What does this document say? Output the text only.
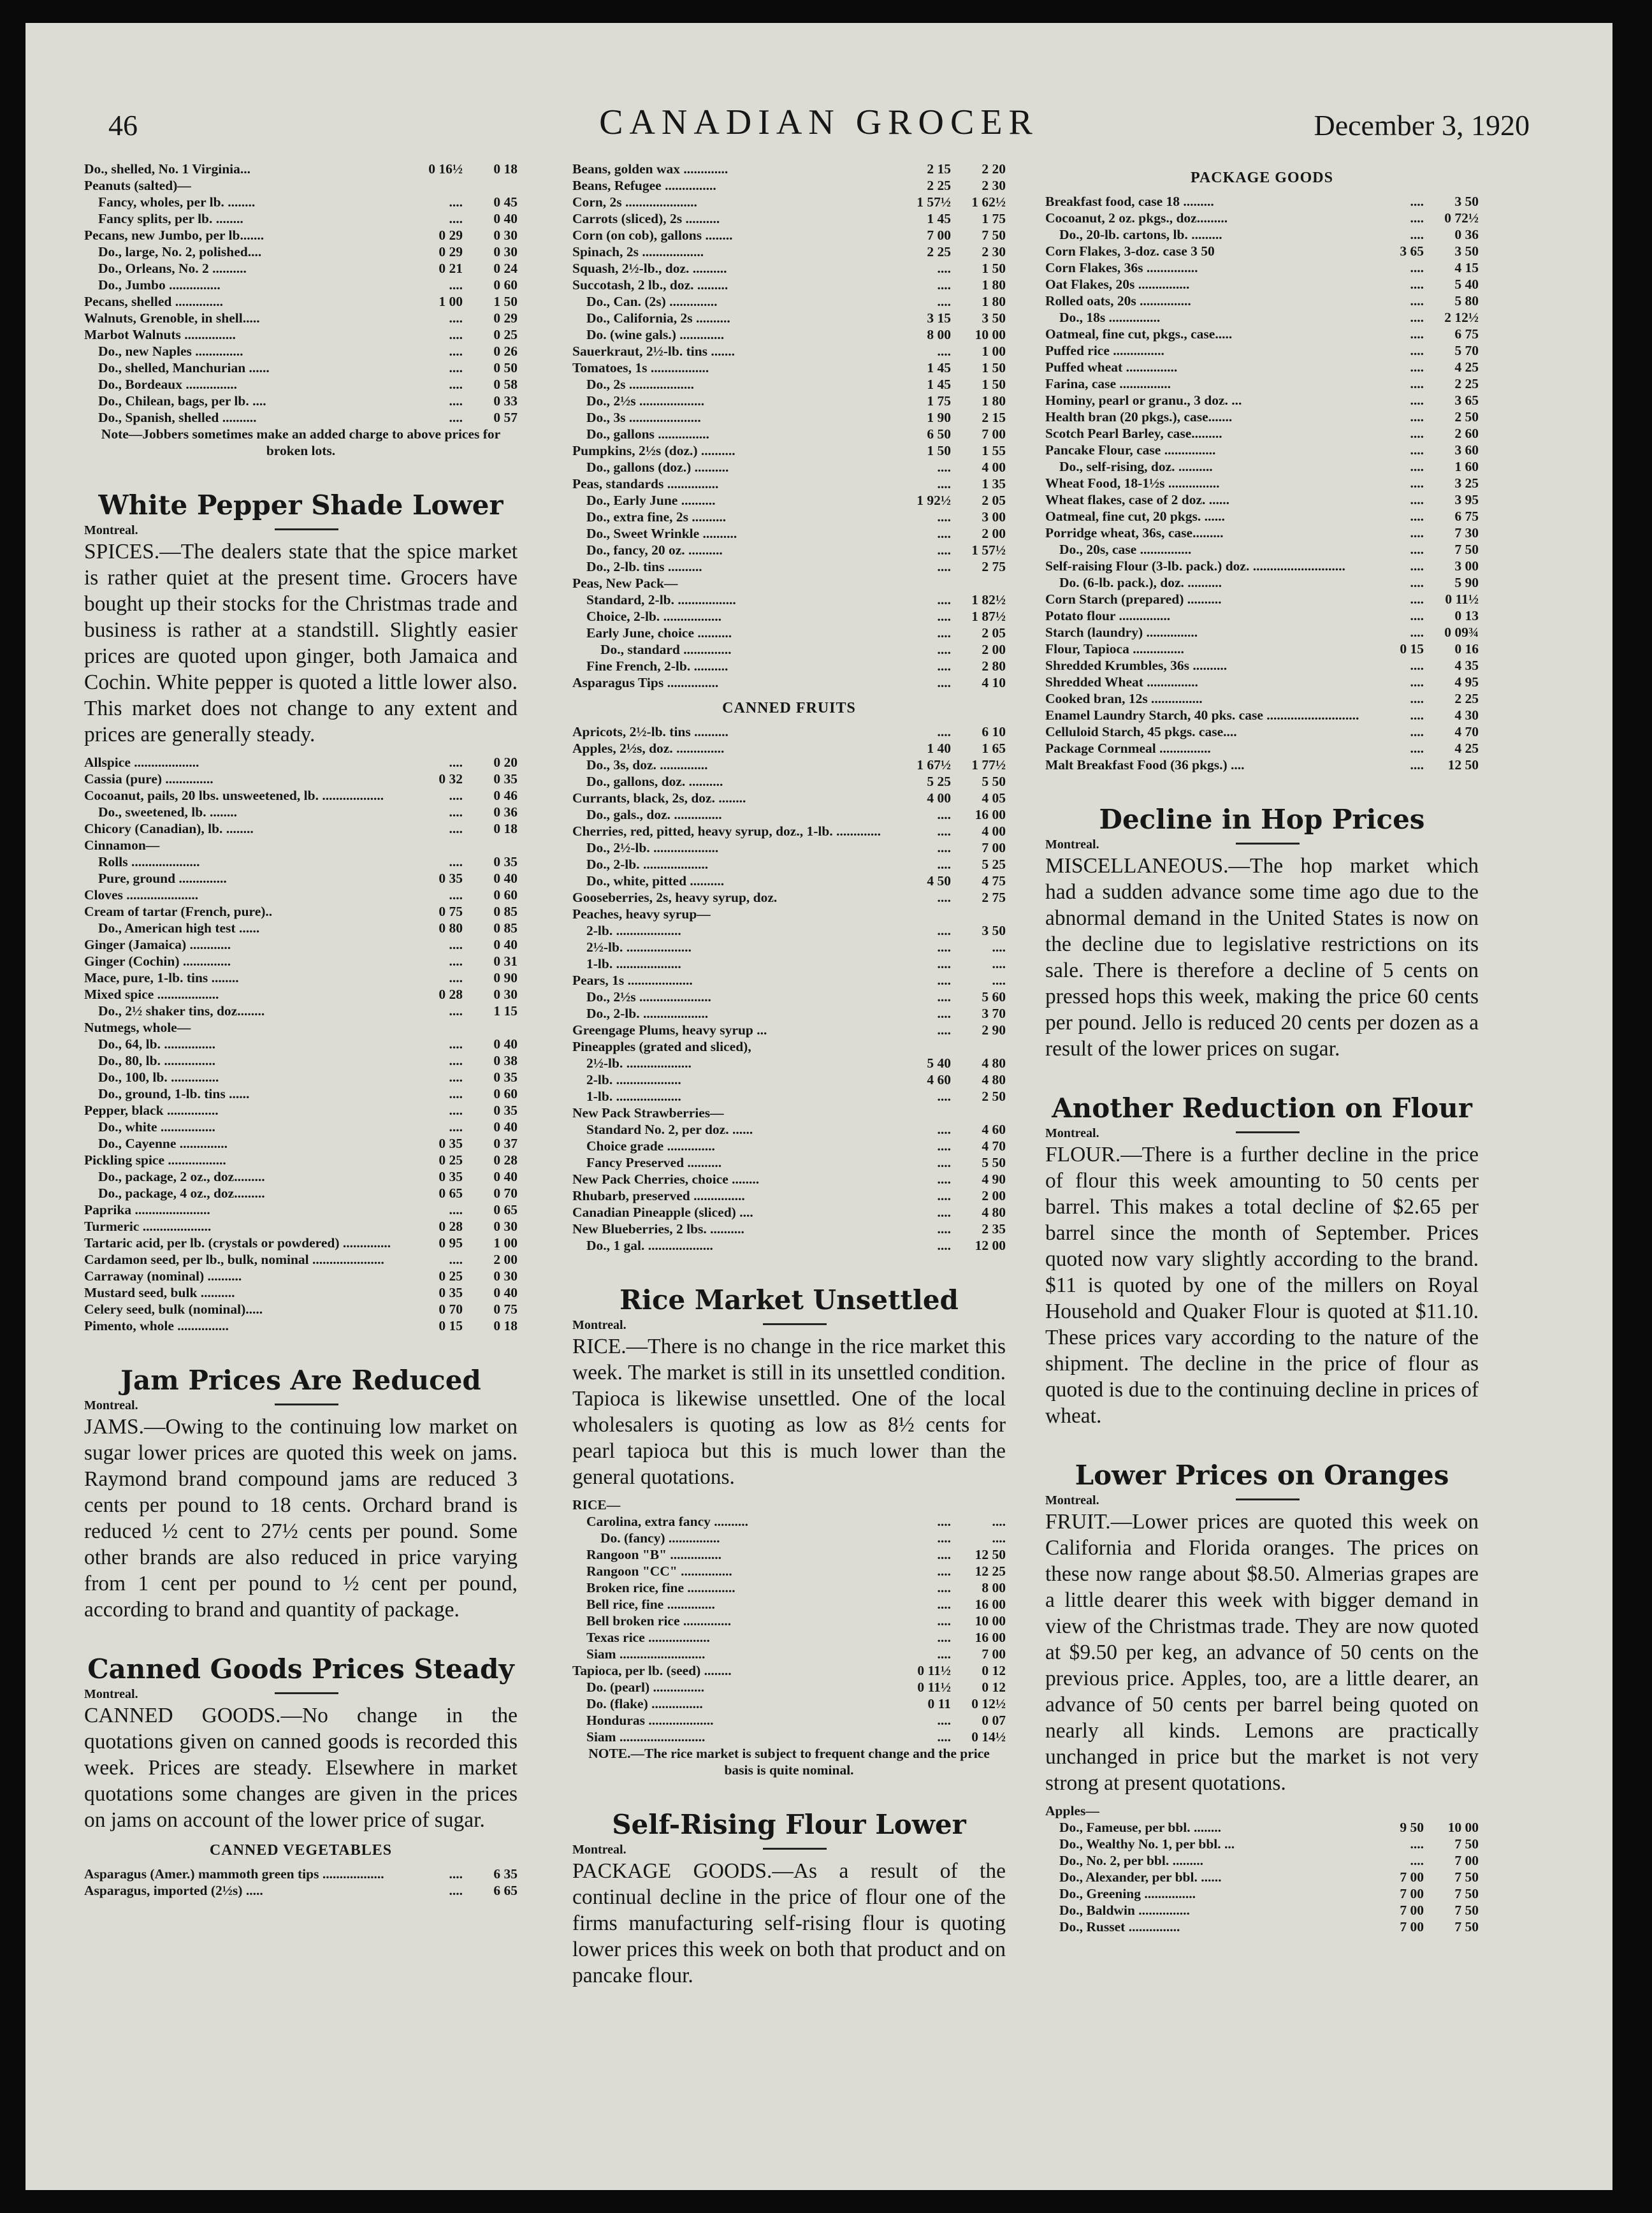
46	CANADIAN GROCER	December 3, 1920
Do., shelled, No. 1 Virginia...	0 16½	0 18
Peanuts (salted)—		
Fancy, wholes, per lb. ........	....	0 45
Fancy splits, per lb. ........	....	0 40
Pecans, new Jumbo, per lb.......	0 29	0 30
Do., large, No. 2, polished....	0 29	0 30
Do., Orleans, No. 2 ..........	0 21	0 24
Do., Jumbo ...............	....	0 60
Pecans, shelled ..............	1 00	1 50
Walnuts, Grenoble, in shell.....	....	0 29
Marbot Walnuts ...............	....	0 25
Do., new Naples ..............	....	0 26
Do., shelled, Manchurian ......	....	0 50
Do., Bordeaux ...............	....	0 58
Do., Chilean, bags, per lb. ....	....	0 33
Do., Spanish, shelled ..........	....	0 57
Note—Jobbers sometimes make an added charge to above prices for broken lots.
White Pepper Shade Lower
Montreal.

SPICES.—The dealers state that the spice market is rather quiet at the present time. Grocers have bought up their stocks for the Christmas trade and business is rather at a standstill. Slightly easier prices are quoted upon ginger, both Jamaica and Cochin. White pepper is quoted a little lower also. This market does not change to any extent and prices are generally steady.

Allspice ...................	....	0 20
Cassia (pure) ..............	0 32	0 35
Cocoanut, pails, 20 lbs. unsweetened, lb. ..................	....	0 46
Do., sweetened, lb. ........	....	0 36
Chicory (Canadian), lb. ........	....	0 18
Cinnamon—		
Rolls ....................	....	0 35
Pure, ground ..............	0 35	0 40
Cloves .....................	....	0 60
Cream of tartar (French, pure)..	0 75	0 85
Do., American high test ......	0 80	0 85
Ginger (Jamaica) ............	....	0 40
Ginger (Cochin) ..............	....	0 31
Mace, pure, 1-lb. tins ........	....	0 90
Mixed spice ..................	0 28	0 30
Do., 2½ shaker tins, doz........	....	1 15
Nutmegs, whole—		
Do., 64, lb. ...............	....	0 40
Do., 80, lb. ...............	....	0 38
Do., 100, lb. ..............	....	0 35
Do., ground, 1-lb. tins ......	....	0 60
Pepper, black ...............	....	0 35
Do., white ................	....	0 40
Do., Cayenne ..............	0 35	0 37
Pickling spice .................	0 25	0 28
Do., package, 2 oz., doz.........	0 35	0 40
Do., package, 4 oz., doz.........	0 65	0 70
Paprika ......................	....	0 65
Turmeric ....................	0 28	0 30
Tartaric acid, per lb. (crystals or powdered) ..............	0 95	1 00
Cardamon seed, per lb., bulk, nominal .....................	....	2 00
Carraway (nominal) ..........	0 25	0 30
Mustard seed, bulk ..........	0 35	0 40
Celery seed, bulk (nominal).....	0 70	0 75
Pimento, whole ...............	0 15	0 18
Jam Prices Are Reduced
Montreal.

JAMS.—Owing to the continuing low market on sugar lower prices are quoted this week on jams. Raymond brand compound jams are reduced 3 cents per pound to 18 cents. Orchard brand is reduced ½ cent to 27½ cents per pound. Some other brands are also reduced in price varying from 1 cent per pound to ½ cent per pound, according to brand and quantity of package.

Canned Goods Prices Steady
Montreal.

CANNED GOODS.—No change in the quotations given on canned goods is recorded this week. Prices are steady. Elsewhere in market quotations some changes are given in the prices on jams on account of the lower price of sugar.

CANNED VEGETABLES
Asparagus (Amer.) mammoth green tips ..................	....	6 35
Asparagus, imported (2½s) .....	....	6 65
Beans, golden wax .............	2 15	2 20
Beans, Refugee ...............	2 25	2 30
Corn, 2s .....................	1 57½	1 62½
Carrots (sliced), 2s ..........	1 45	1 75
Corn (on cob), gallons ........	7 00	7 50
Spinach, 2s ..................	2 25	2 30
Squash, 2½-lb., doz. ..........	....	1 50
Succotash, 2 lb., doz. .........	....	1 80
Do., Can. (2s) ..............	....	1 80
Do., California, 2s ..........	3 15	3 50
Do. (wine gals.) .............	8 00	10 00
Sauerkraut, 2½-lb. tins .......	....	1 00
Tomatoes, 1s .................	1 45	1 50
Do., 2s ...................	1 45	1 50
Do., 2½s ...................	1 75	1 80
Do., 3s .....................	1 90	2 15
Do., gallons ...............	6 50	7 00
Pumpkins, 2½s (doz.) ..........	1 50	1 55
Do., gallons (doz.) ..........	....	4 00
Peas, standards ...............	....	1 35
Do., Early June ..........	1 92½	2 05
Do., extra fine, 2s ..........	....	3 00
Do., Sweet Wrinkle ..........	....	2 00
Do., fancy, 20 oz. ..........	....	1 57½
Do., 2-lb. tins ..........	....	2 75
Peas, New Pack—		
Standard, 2-lb. .................	....	1 82½
Choice, 2-lb. .................	....	1 87½
Early June, choice ..........	....	2 05
Do., standard ..............	....	2 00
Fine French, 2-lb. ..........	....	2 80
Asparagus Tips ...............	....	4 10
CANNED FRUITS
Apricots, 2½-lb. tins ..........	....	6 10
Apples, 2½s, doz. ..............	1 40	1 65
Do., 3s, doz. ..............	1 67½	1 77½
Do., gallons, doz. ..........	5 25	5 50
Currants, black, 2s, doz. ........	4 00	4 05
Do., gals., doz. ..............	....	16 00
Cherries, red, pitted, heavy syrup, doz., 1-lb. .............	....	4 00
Do., 2½-lb. ...................	....	7 00
Do., 2-lb. ...................	....	5 25
Do., white, pitted ..........	4 50	4 75
Gooseberries, 2s, heavy syrup, doz.	....	2 75
Peaches, heavy syrup—		
2-lb. ...................	....	3 50
2½-lb. ...................	....	....
1-lb. ...................	....	....
Pears, 1s ...................	....	....
Do., 2½s .....................	....	5 60
Do., 2-lb. ...................	....	3 70
Greengage Plums, heavy syrup ...	....	2 90
Pineapples (grated and sliced),		
2½-lb. ...................	5 40	4 80
2-lb. ...................	4 60	4 80
1-lb. ...................	....	2 50
New Pack Strawberries—		
Standard No. 2, per doz. ......	....	4 60
Choice grade ..............	....	4 70
Fancy Preserved ..........	....	5 50
New Pack Cherries, choice ........	....	4 90
Rhubarb, preserved ...............	....	2 00
Canadian Pineapple (sliced) ....	....	4 80
New Blueberries, 2 lbs. ..........	....	2 35
Do., 1 gal. ...................	....	12 00
Rice Market Unsettled
Montreal.

RICE.—There is no change in the rice market this week. The market is still in its unsettled condition. Tapioca is likewise unsettled. One of the local wholesalers is quoting as low as 8½ cents for pearl tapioca but this is much lower than the general quotations.

RICE—		
Carolina, extra fancy ..........	....	....
Do. (fancy) ...............	....	....
Rangoon "B" ...............	....	12 50
Rangoon "CC" ...............	....	12 25
Broken rice, fine ..............	....	8 00
Bell rice, fine ..............	....	16 00
Bell broken rice ..............	....	10 00
Texas rice ..................	....	16 00
Siam .........................	....	7 00
Tapioca, per lb. (seed) ........	0 11½	0 12
Do. (pearl) ...............	0 11½	0 12
Do. (flake) ...............	0 11	0 12½
Honduras ...................	....	0 07
Siam .........................	....	0 14½
NOTE.—The rice market is subject to frequent change and the price basis is quite nominal.
Self-Rising Flour Lower
Montreal.

PACKAGE GOODS.—As a result of the continual decline in the price of flour one of the firms manufacturing self-rising flour is quoting lower prices this week on both that product and on pancake flour.

PACKAGE GOODS
Breakfast food, case 18 .........	....	3 50
Cocoanut, 2 oz. pkgs., doz.........	....	0 72½
Do., 20-lb. cartons, lb. .........	....	0 36
Corn Flakes, 3-doz. case 3 50	3 65	3 50
Corn Flakes, 36s ...............	....	4 15
Oat Flakes, 20s ...............	....	5 40
Rolled oats, 20s ...............	....	5 80
Do., 18s ...............	....	2 12½
Oatmeal, fine cut, pkgs., case.....	....	6 75
Puffed rice ...............	....	5 70
Puffed wheat ...............	....	4 25
Farina, case ...............	....	2 25
Hominy, pearl or granu., 3 doz. ...	....	3 65
Health bran (20 pkgs.), case.......	....	2 50
Scotch Pearl Barley, case.........	....	2 60
Pancake Flour, case ...............	....	3 60
Do., self-rising, doz. ..........	....	1 60
Wheat Food, 18-1½s ...............	....	3 25
Wheat flakes, case of 2 doz. ......	....	3 95
Oatmeal, fine cut, 20 pkgs. ......	....	6 75
Porridge wheat, 36s, case.........	....	7 30
Do., 20s, case ...............	....	7 50
Self-raising Flour (3-lb. pack.) doz. ...........................	....	3 00
Do. (6-lb. pack.), doz. ..........	....	5 90
Corn Starch (prepared) ..........	....	0 11½
Potato flour ...............	....	0 13
Starch (laundry) ...............	....	0 09¾
Flour, Tapioca ...............	0 15	0 16
Shredded Krumbles, 36s ..........	....	4 35
Shredded Wheat ...............	....	4 95
Cooked bran, 12s ...............	....	2 25
Enamel Laundry Starch, 40 pks. case ...........................	....	4 30
Celluloid Starch, 45 pkgs. case....	....	4 70
Package Cornmeal ...............	....	4 25
Malt Breakfast Food (36 pkgs.) ....	....	12 50
Decline in Hop Prices
Montreal.

MISCELLANEOUS.—The hop market which had a sudden advance some time ago due to the abnormal demand in the United States is now on the decline due to legislative restrictions on its sale. There is therefore a decline of 5 cents on pressed hops this week, making the price 60 cents per pound. Jello is reduced 20 cents per dozen as a result of the lower prices on sugar.

Another Reduction on Flour
Montreal.

FLOUR.—There is a further decline in the price of flour this week amounting to 50 cents per barrel. This makes a total decline of $2.65 per barrel since the month of September. Prices quoted now vary slightly according to the brand. $11 is quoted by one of the millers on Royal Household and Quaker Flour is quoted at $11.10. These prices vary according to the nature of the shipment. The decline in the price of flour as quoted is due to the continuing decline in prices of wheat.

Lower Prices on Oranges
Montreal.

FRUIT.—Lower prices are quoted this week on California and Florida oranges. The prices on these now range about $8.50. Almerias grapes are a little dearer this week with bigger demand in view of the Christmas trade. They are now quoted at $9.50 per keg, an advance of 50 cents on the previous price. Apples, too, are a little dearer, an advance of 50 cents per barrel being quoted on nearly all kinds. Lemons are practically unchanged in price but the market is not very strong at present quotations.

Apples—		
Do., Fameuse, per bbl. ........	9 50	10 00
Do., Wealthy No. 1, per bbl. ...	....	7 50
Do., No. 2, per bbl. .........	....	7 00
Do., Alexander, per bbl. ......	7 00	7 50
Do., Greening ...............	7 00	7 50
Do., Baldwin ...............	7 00	7 50
Do., Russet ...............	7 00	7 50
